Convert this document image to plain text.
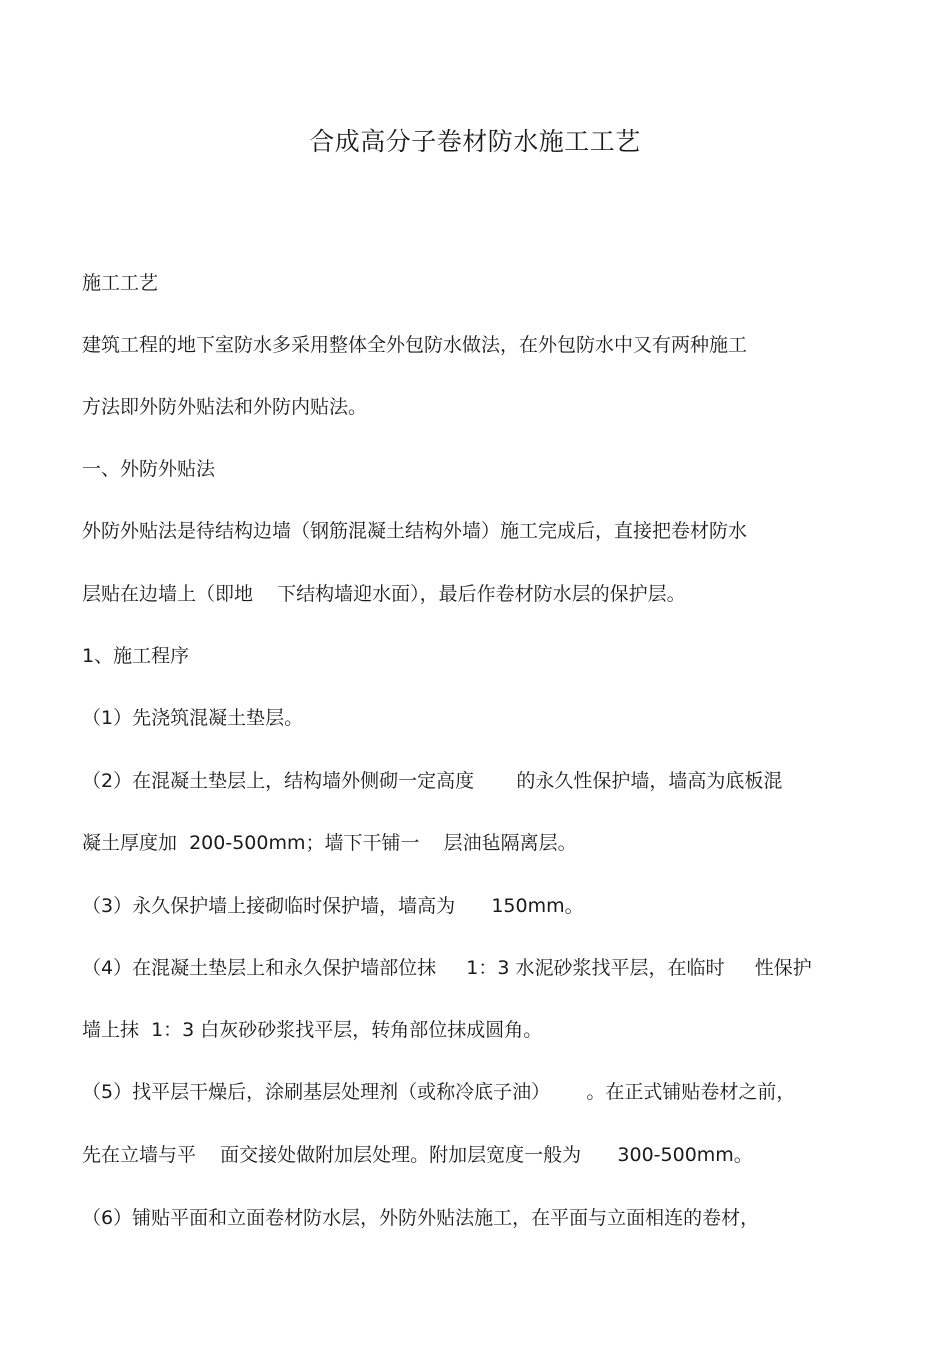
合成高分子卷材防水施工工艺
施工工艺
建筑工程的地下室防水多采用整体全外包防水做法，在外包防水中又有两种施工
方法即外防外贴法和外防内贴法。
一、外防外贴法
外防外贴法是待结构边墙（钢筋混凝土结构外墙）施工完成后，直接把卷材防水
层贴在边墙上（即地    下结构墙迎水面），最后作卷材防水层的保护层。
1、施工程序
（1）先浇筑混凝土垫层。
（2）在混凝土垫层上，结构墙外侧砌一定高度       的永久性保护墙，墙高为底板混
凝土厚度加  200-500mm；墙下干铺一    层油毡隔离层。
（3）永久保护墙上接砌临时保护墙，墙高为      150mm。
（4）在混凝土垫层上和永久保护墙部位抹     1：3 水泥砂浆找平层，在临时     性保护
墙上抹  1：3 白灰砂砂浆找平层，转角部位抹成圆角。
（5）找平层干燥后，涂刷基层处理剂（或称冷底子油）      。在正式铺贴卷材之前，
先在立墙与平    面交接处做附加层处理。附加层宽度一般为      300-500mm。
（6）铺贴平面和立面卷材防水层，外防外贴法施工，在平面与立面相连的卷材，
